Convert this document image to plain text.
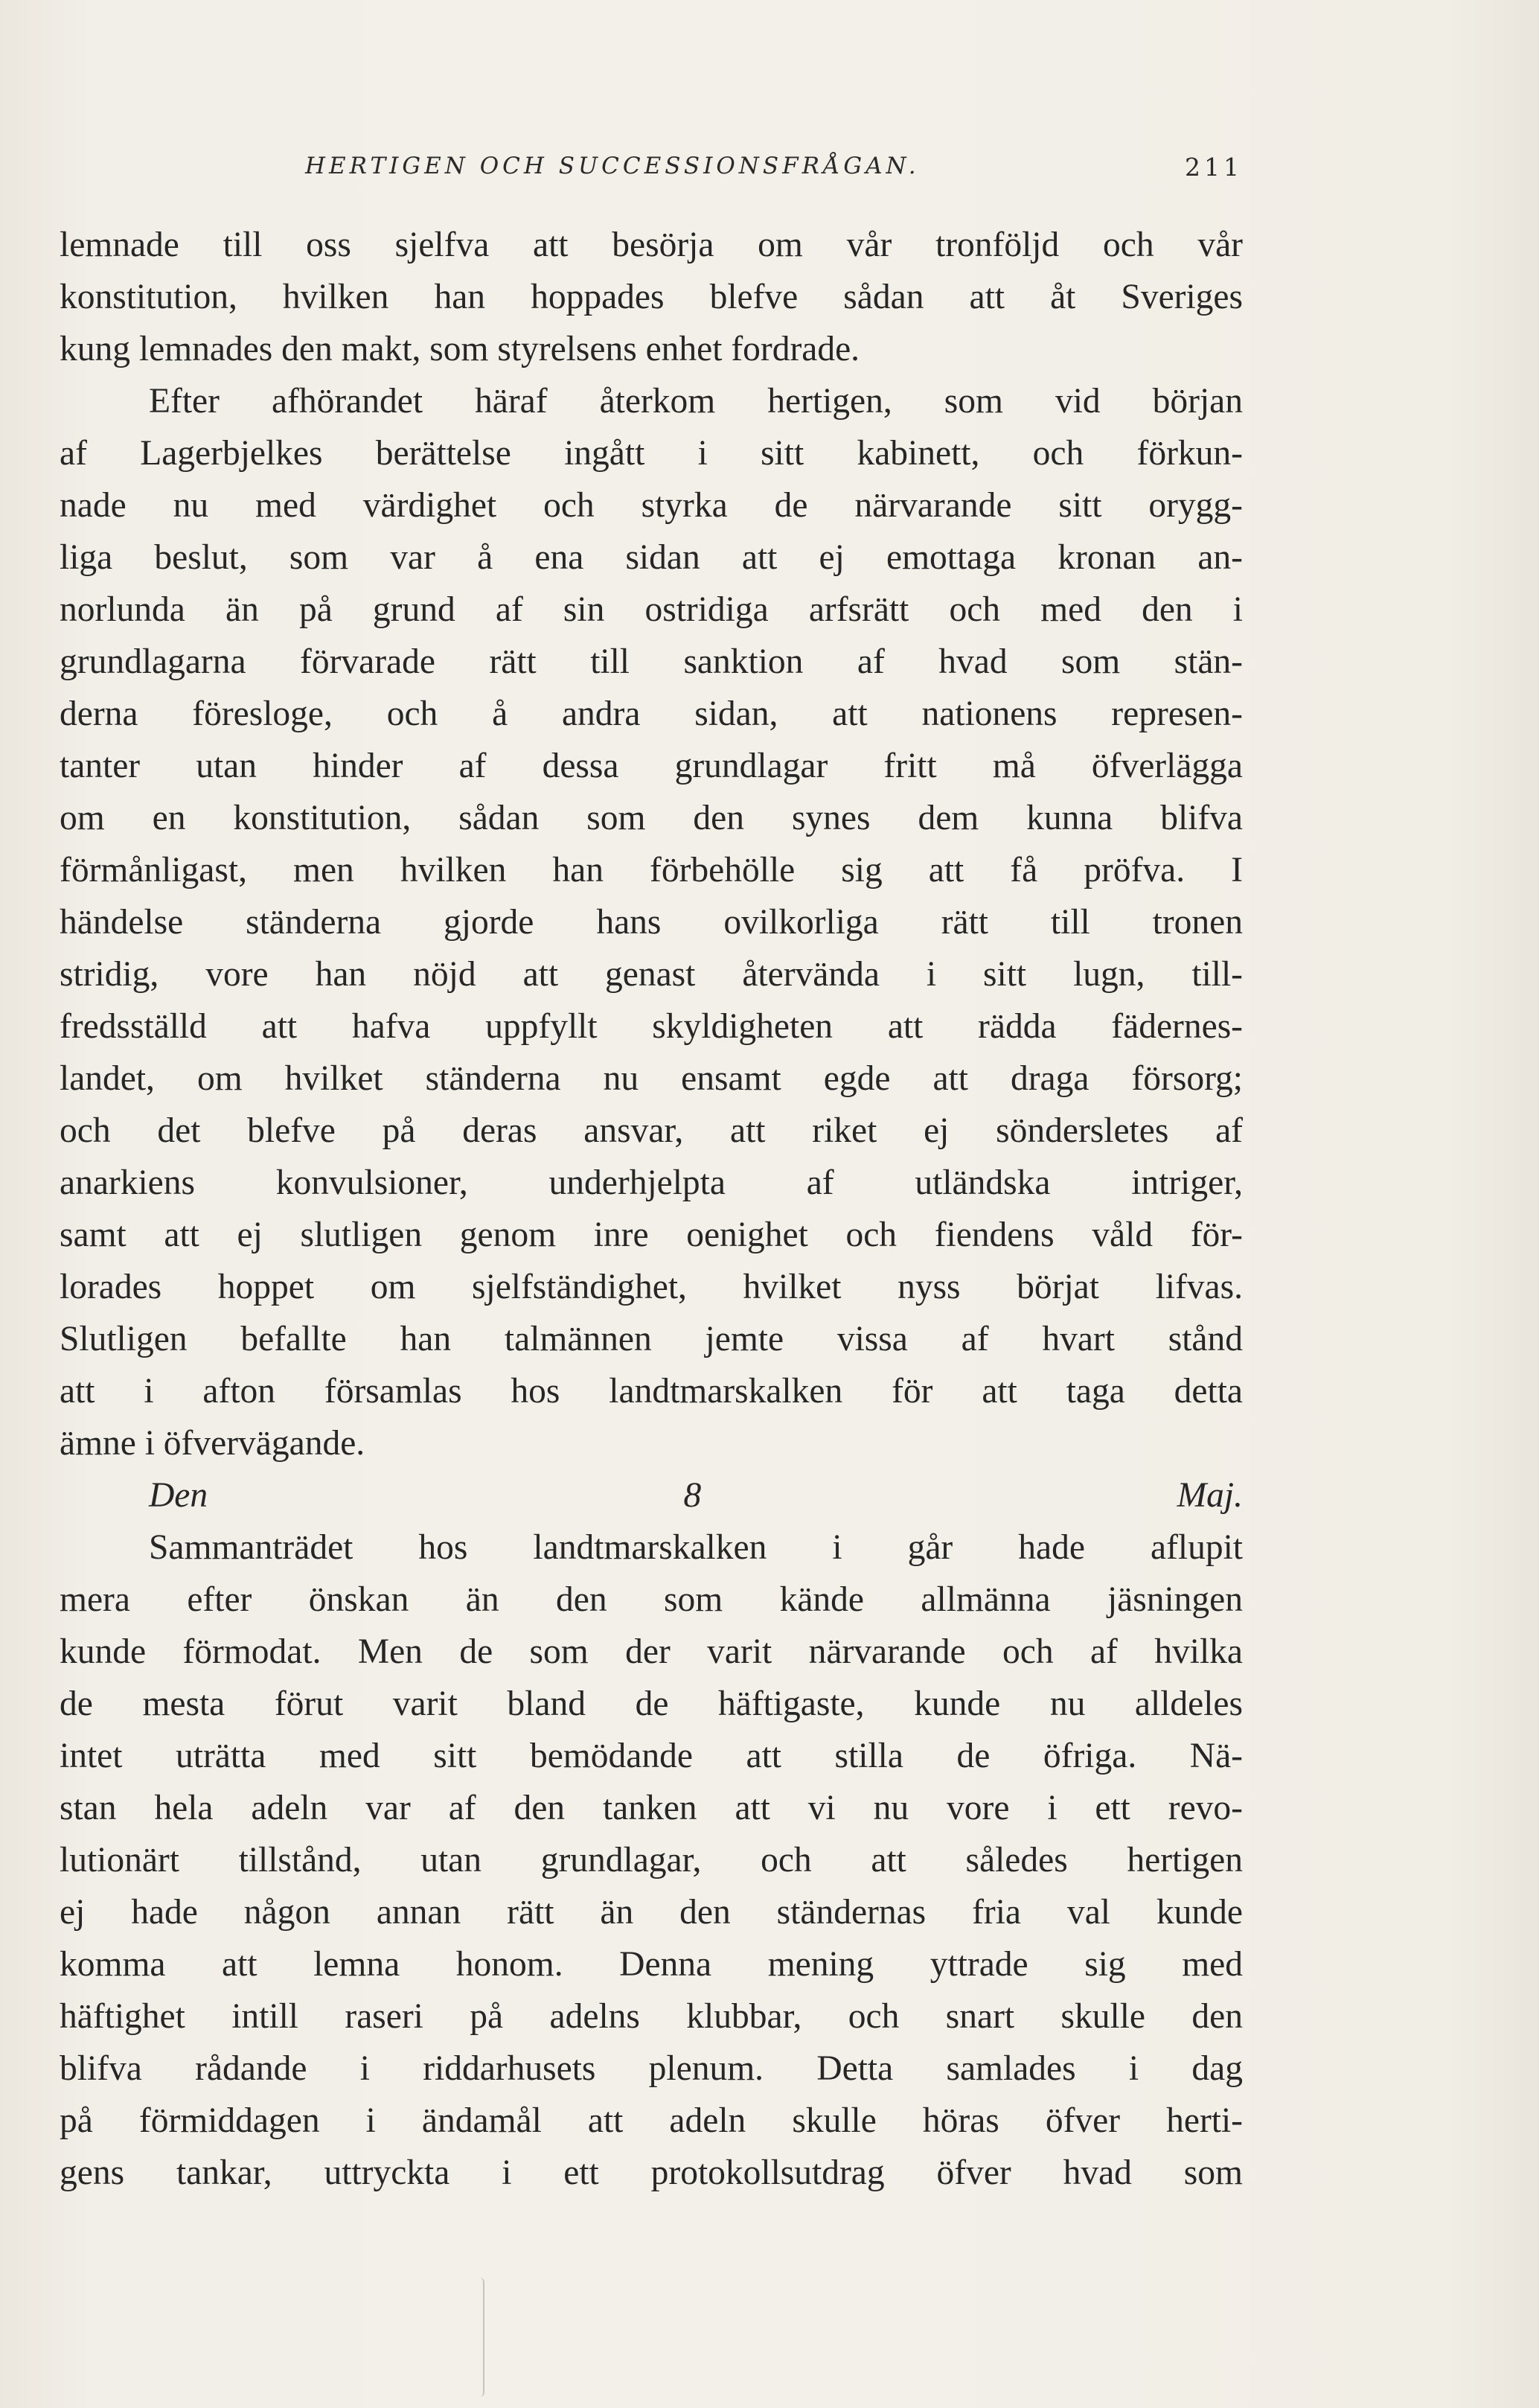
HERTIGEN OCH SUCCESSIONSFRÅGAN.	211

lemnade till oss sjelfva att besörja om vår tronföljd och vår
konstitution, hvilken han hoppades blefve sådan att åt Sveriges
kung lemnades den makt, som styrelsens enhet fordrade.

Efter afhörandet häraf återkom hertigen, som vid början
af Lagerbjelkes berättelse ingått i sitt kabinett, och förkun-
nade nu med värdighet och styrka de närvarande sitt orygg-
liga beslut, som var å ena sidan att ej emottaga kronan an-
norlunda än på grund af sin ostridiga arfsrätt och med den i
grundlagarna förvarade rätt till sanktion af hvad som stän-
derna föresloge, och å andra sidan, att nationens represen-
tanter utan hinder af dessa grundlagar fritt må öfverlägga
om en konstitution, sådan som den synes dem kunna blifva
förmånligast, men hvilken han förbehölle sig att få pröfva. I
händelse ständerna gjorde hans ovilkorliga rätt till tronen
stridig, vore han nöjd att genast återvända i sitt lugn, till-
fredsställd att hafva uppfyllt skyldigheten att rädda fädernes-
landet, om hvilket ständerna nu ensamt egde att draga försorg;
och det blefve på deras ansvar, att riket ej söndersletes af
anarkiens konvulsioner, underhjelpta af utländska intriger,
samt att ej slutligen genom inre oenighet och fiendens våld för-
lorades hoppet om sjelfständighet, hvilket nyss börjat lifvas.
Slutligen befallte han talmännen jemte vissa af hvart stånd
att i afton församlas hos landtmarskalken för att taga detta
ämne i öfvervägande.

Den 8 Maj.

Sammanträdet hos landtmarskalken i går hade aflupit
mera efter önskan än den som kände allmänna jäsningen
kunde förmodat. Men de som der varit närvarande och af hvilka
de mesta förut varit bland de häftigaste, kunde nu alldeles
intet uträtta med sitt bemödande att stilla de öfriga. Nä-
stan hela adeln var af den tanken att vi nu vore i ett revo-
lutionärt tillstånd, utan grundlagar, och att således hertigen
ej hade någon annan rätt än den ständernas fria val kunde
komma att lemna honom. Denna mening yttrade sig med
häftighet intill raseri på adelns klubbar, och snart skulle den
blifva rådande i riddarhusets plenum. Detta samlades i dag
på förmiddagen i ändamål att adeln skulle höras öfver herti-
gens tankar, uttryckta i ett protokollsutdrag öfver hvad som
